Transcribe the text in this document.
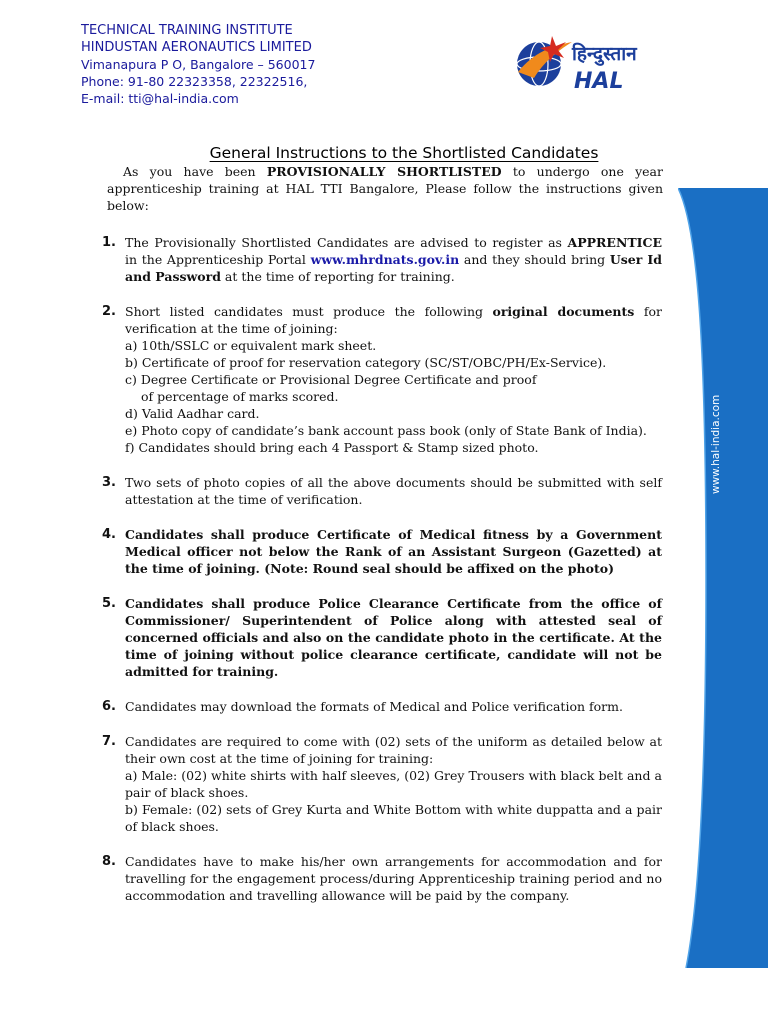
TECHNICAL TRAINING INSTITUTE
HINDUSTAN AERONAUTICS LIMITED
Vimanapura P O, Bangalore – 560017
Phone: 91-80 22323358, 22322516,
E-mail: tti@hal-india.com
हिन्दुस्तान
HAL
www.hal-india.com
General Instructions to the Shortlisted Candidates

As you have been PROVISIONALLY SHORTLISTED to undergo one year apprenticeship training at HAL TTI Bangalore, Please follow the instructions given below:

1. The Provisionally Shortlisted Candidates are advised to register as APPRENTICE in the Apprenticeship Portal www.mhrdnats.gov.in and they should bring User Id and Password at the time of reporting for training.
2. Short listed candidates must produce the following original documents for verification at the time of joining:
a) 10th/SSLC or equivalent mark sheet.
b) Certificate of proof for reservation category (SC/ST/OBC/PH/Ex-Service).
c) Degree Certificate or Provisional Degree Certificate and proof
of percentage of marks scored.
d) Valid Aadhar card.
e) Photo copy of candidate’s bank account pass book (only of State Bank of India).
f) Candidates should bring each 4 Passport & Stamp sized photo.
3. Two sets of photo copies of all the above documents should be submitted with self attestation at the time of verification.
4. Candidates shall produce Certificate of Medical fitness by a Government Medical officer not below the Rank of an Assistant Surgeon (Gazetted) at the time of joining. (Note: Round seal should be affixed on the photo)
5. Candidates shall produce Police Clearance Certificate from the office of Commissioner/ Superintendent of Police along with attested seal of concerned officials and also on the candidate photo in the certificate. At the time of joining without police clearance certificate, candidate will not be admitted for training.
6. Candidates may download the formats of Medical and Police verification form.
7. Candidates are required to come with (02) sets of the uniform as detailed below at their own cost at the time of joining for training:
a) Male: (02) white shirts with half sleeves, (02) Grey Trousers with black belt and a pair of black shoes.
b) Female: (02) sets of Grey Kurta and White Bottom with white duppatta and a pair of black shoes.
8. Candidates have to make his/her own arrangements for accommodation and for travelling for the engagement process/during Apprenticeship training period and no accommodation and travelling allowance will be paid by the company.
